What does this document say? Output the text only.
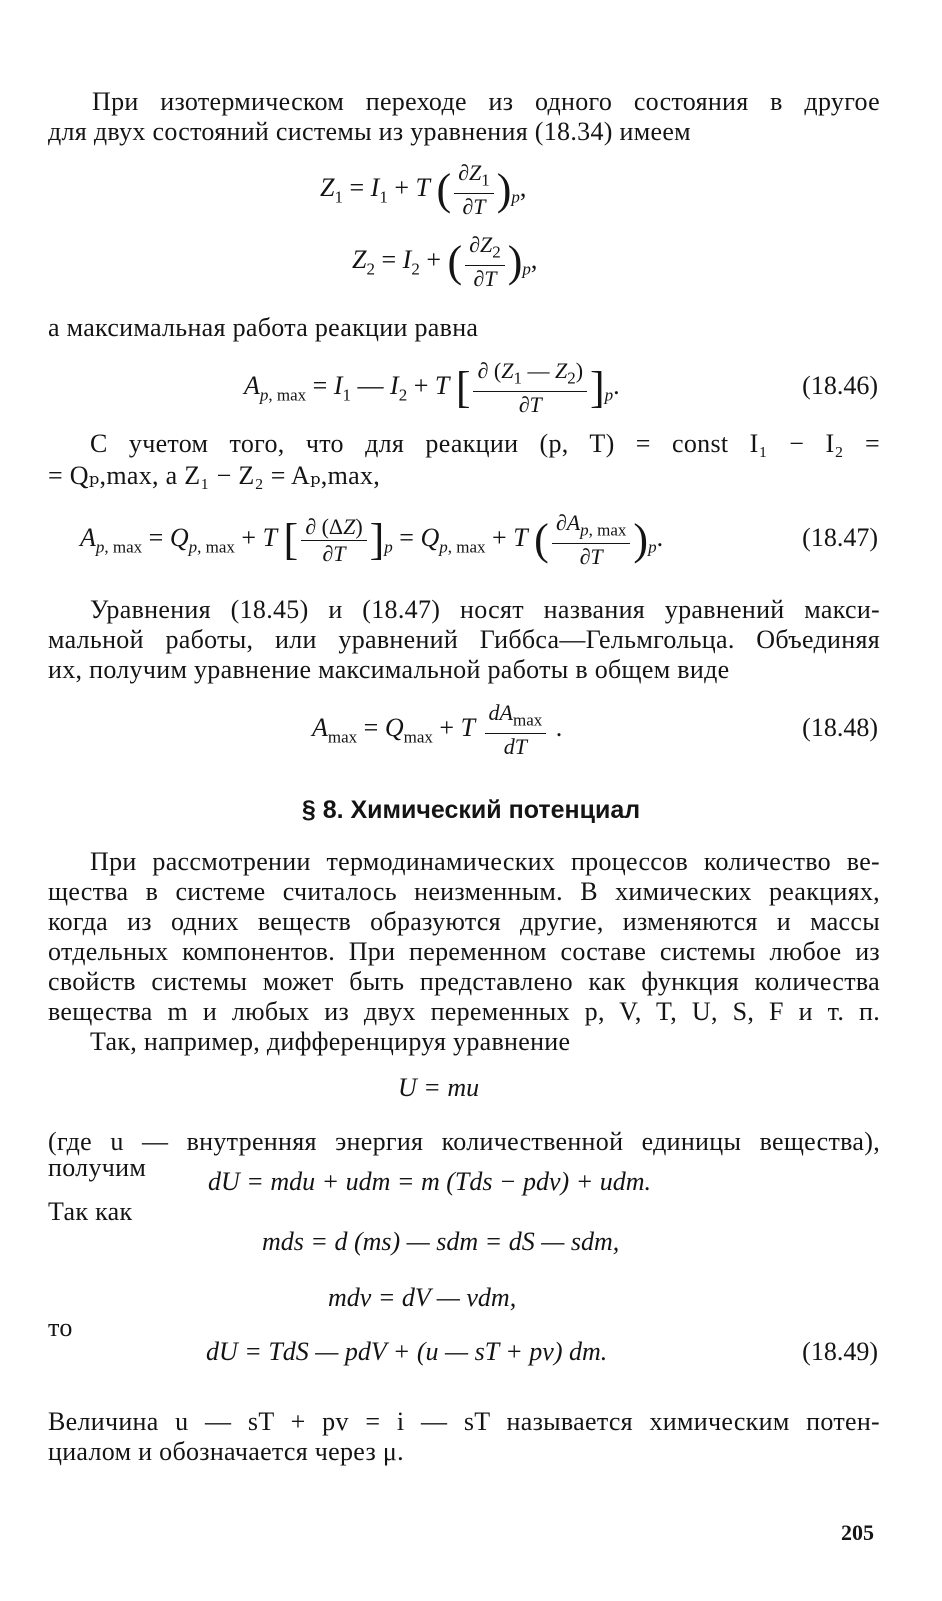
При изотермическом переходе из одного состояния в другое
для двух состояний системы из уравнения (18.34) имеем
$Z_1 = I_1 + T$ ( $\frac{\partial Z_1}{\partial T} )_p$,
$Z_2 = I_2$ + ( $\frac{\partial Z_2}{\partial T} )_p$,
а максимальная работа реакции равна
$A_{p, max} = I_1$ — $I_2 + T$ [ $\frac{\partial (Z_1 — Z_2)}{\partial T} ]_p$.	(18.46)
С учетом того, что для реакции (p, T) = const I₁ − I₂ =
= Qₚ,max, а Z₁ − Z₂ = Aₚ,max,
$A_{p, max} = Q_{p, max} + T$ [ $\frac{\partial (\Delta Z)}{\partial T} ]_p = Q_{p, max} + T$ ( $\frac{\partial A_{p, max}}{\partial T} )_p$.	(18.47)
Уравнения (18.45) и (18.47) носят названия уравнений макси-
мальной работы, или уравнений Гиббса—Гельмгольца. Объединяя
их, получим уравнение максимальной работы в общем виде
$A_{max} = Q_{max} + T \frac{dA_{max}}{dT}$ .	(18.48)
§ 8. Химический потенциал
При рассмотрении термодинамических процессов количество ве-
щества в системе считалось неизменным. В химических реакциях,
когда из одних веществ образуются другие, изменяются и массы
отдельных компонентов. При переменном составе системы любое из
свойств системы может быть представлено как функция количества
вещества m и любых из двух переменных p, V, T, U, S, F и т. п.
Так, например, дифференцируя уравнение
U = mu
(где u — внутренняя энергия количественной единицы вещества),
получим dU = mdu + udm = m (Tds − pdv) + udm.
Так как
mds = d (ms) — sdm = dS — sdm,
mdv = dV — vdm,
то
dU = TdS — pdV + (u — sT + pv) dm.	(18.49)
Величина u — sT + pv = i — sT называется химическим потен-
циалом и обозначается через μ.
205
